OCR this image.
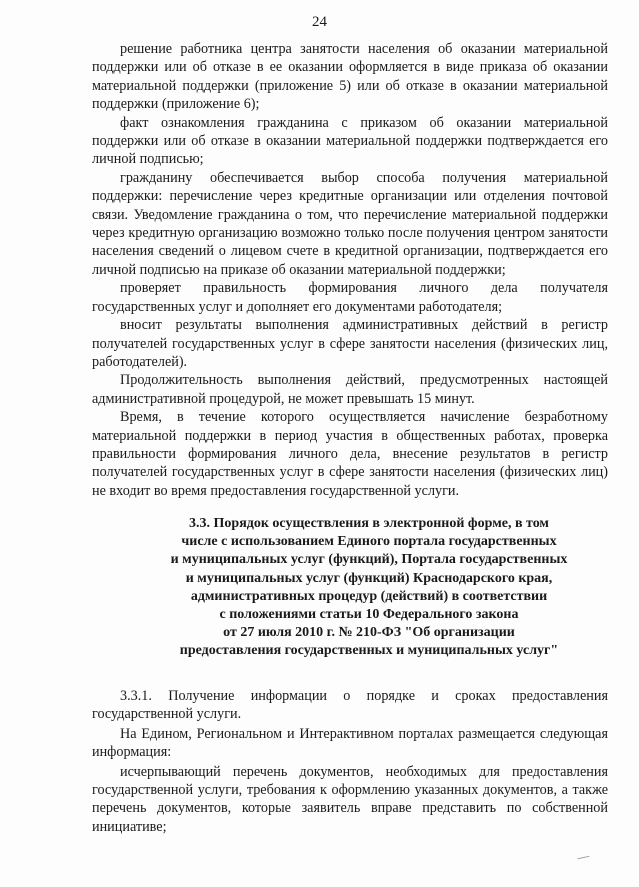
24

решение работника центра занятости населения об оказании материальной поддержки или об отказе в ее оказании оформляется в виде приказа об оказании материальной поддержки (приложение 5) или об отказе в оказании материальной поддержки (приложение 6);

факт ознакомления гражданина с приказом об оказании материальной поддержки или об отказе в оказании материальной поддержки подтверждается его личной подписью;

гражданину обеспечивается выбор способа получения материальной поддержки: перечисление через кредитные организации или отделения почтовой связи. Уведомление гражданина о том, что перечисление материальной поддержки через кредитную организацию возможно только после получения центром занятости населения сведений о лицевом счете в кредитной организации, подтверждается его личной подписью на приказе об оказании материальной поддержки;

проверяет правильность формирования личного дела получателя государственных услуг и дополняет его документами работодателя;

вносит результаты выполнения административных действий в регистр получателей государственных услуг в сфере занятости населения (физических лиц, работодателей).

Продолжительность выполнения действий, предусмотренных настоящей административной процедурой, не может превышать 15 минут.

Время, в течение которого осуществляется начисление безработному материальной поддержки в период участия в общественных работах, проверка правильности формирования личного дела, внесение результатов в регистр получателей государственных услуг в сфере занятости населения (физических лиц) не входит во время предоставления государственной услуги.

3.3. Порядок осуществления в электронной форме, в том
числе с использованием Единого портала государственных
и муниципальных услуг (функций), Портала государственных
и муниципальных услуг (функций) Краснодарского края,
административных процедур (действий) в соответствии
с положениями статьи 10 Федерального закона
от 27 июля 2010 г. № 210-ФЗ "Об организации
предоставления государственных и муниципальных услуг"

3.3.1. Получение информации о порядке и сроках предоставления государственной услуги.

На Едином, Региональном и Интерактивном порталах размещается следующая информация:

исчерпывающий перечень документов, необходимых для предоставления государственной услуги, требования к оформлению указанных документов, а также перечень документов, которые заявитель вправе представить по собственной инициативе;
